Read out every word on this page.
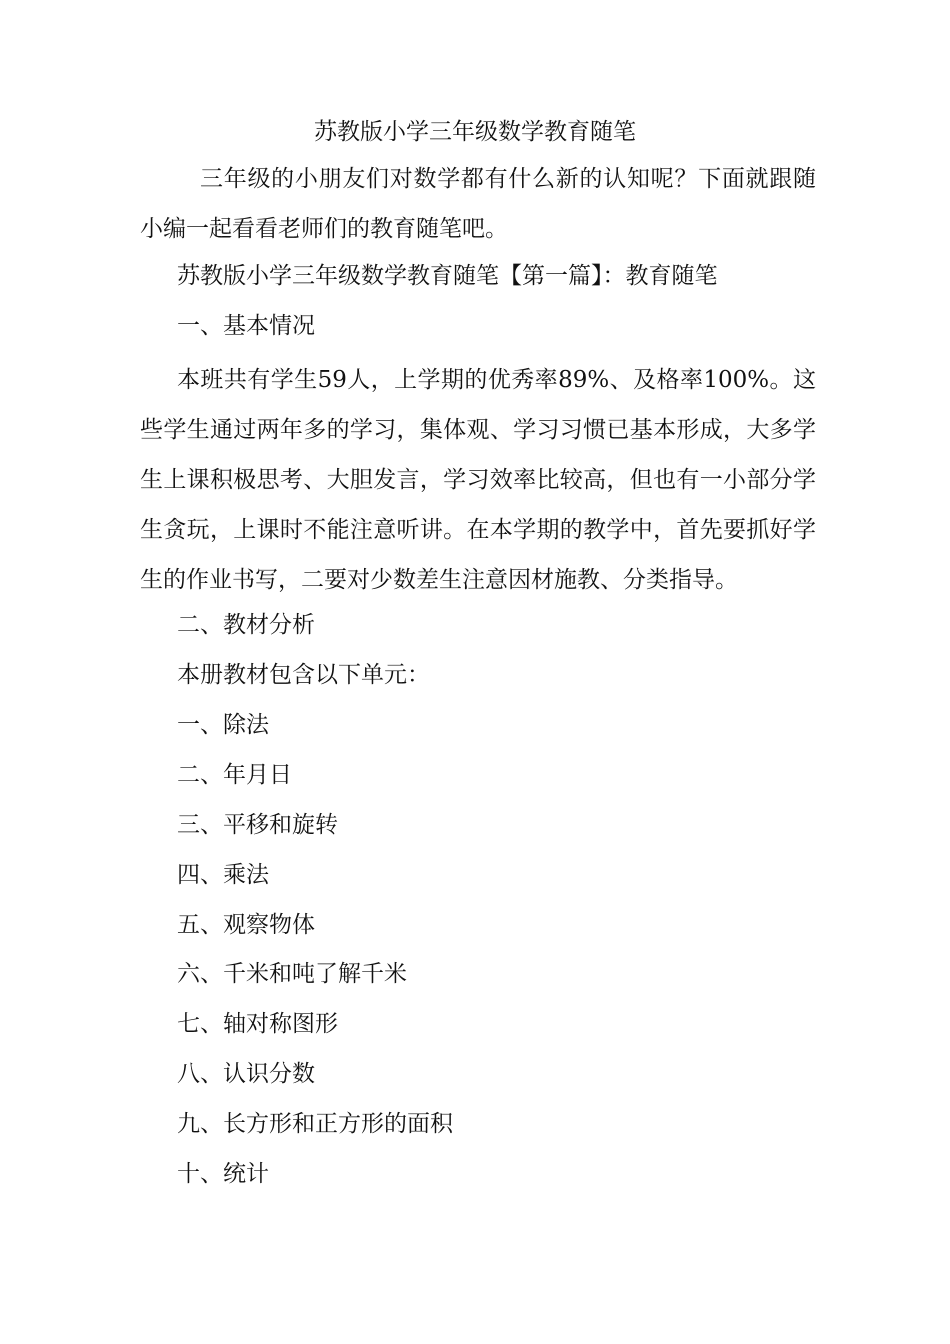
苏教版小学三年级数学教育随笔
三年级的小朋友们对数学都有什么新的认知呢？下面就跟随小编一起看看老师们的教育随笔吧。
苏教版小学三年级数学教育随笔【第一篇】：教育随笔
一、基本情况
本班共有学生59人，上学期的优秀率89%、及格率100%。这些学生通过两年多的学习，集体观、学习习惯已基本形成，大多学生上课积极思考、大胆发言，学习效率比较高，但也有一小部分学生贪玩，上课时不能注意听讲。在本学期的教学中，首先要抓好学生的作业书写，二要对少数差生注意因材施教、分类指导。
二、教材分析
本册教材包含以下单元：
一、除法
二、年月日
三、平移和旋转
四、乘法
五、观察物体
六、千米和吨了解千米
七、轴对称图形
八、认识分数
九、长方形和正方形的面积
十、统计
